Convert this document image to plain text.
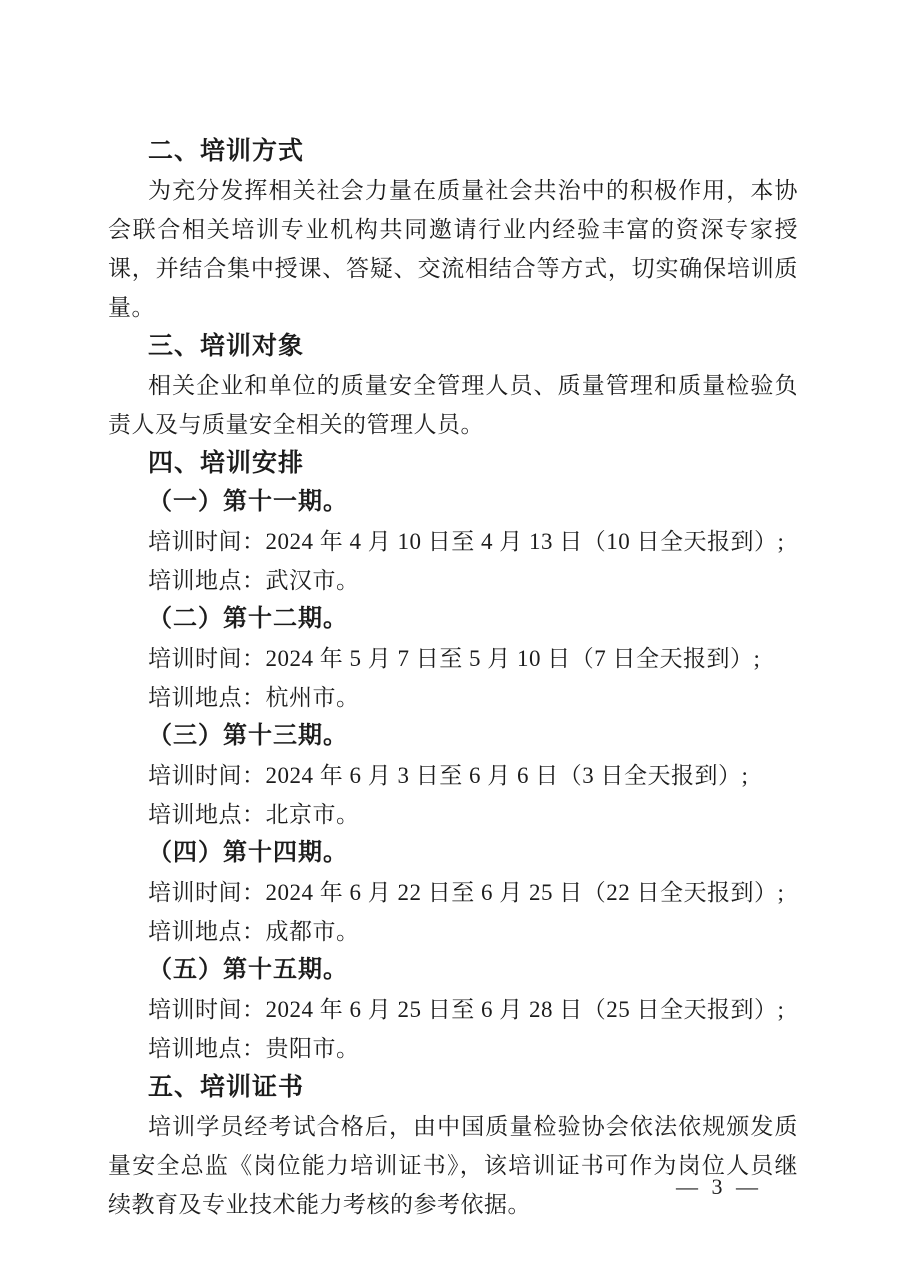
二、培训方式
为充分发挥相关社会力量在质量社会共治中的积极作用，本协会联合相关培训专业机构共同邀请行业内经验丰富的资深专家授课，并结合集中授课、答疑、交流相结合等方式，切实确保培训质量。
三、培训对象
相关企业和单位的质量安全管理人员、质量管理和质量检验负责人及与质量安全相关的管理人员。
四、培训安排
（一）第十一期。
培训时间：2024 年 4 月 10 日至 4 月 13 日（10 日全天报到）;
培训地点：武汉市。
（二）第十二期。
培训时间：2024 年 5 月 7 日至 5 月 10 日（7 日全天报到）;
培训地点：杭州市。
（三）第十三期。
培训时间：2024 年 6 月 3 日至 6 月 6 日（3 日全天报到）;
培训地点：北京市。
（四）第十四期。
培训时间：2024 年 6 月 22 日至 6 月 25 日（22 日全天报到）;
培训地点：成都市。
（五）第十五期。
培训时间：2024 年 6 月 25 日至 6 月 28 日（25 日全天报到）;
培训地点：贵阳市。
五、培训证书
培训学员经考试合格后，由中国质量检验协会依法依规颁发质量安全总监《岗位能力培训证书》，该培训证书可作为岗位人员继续教育及专业技术能力考核的参考依据。
— 3 —
